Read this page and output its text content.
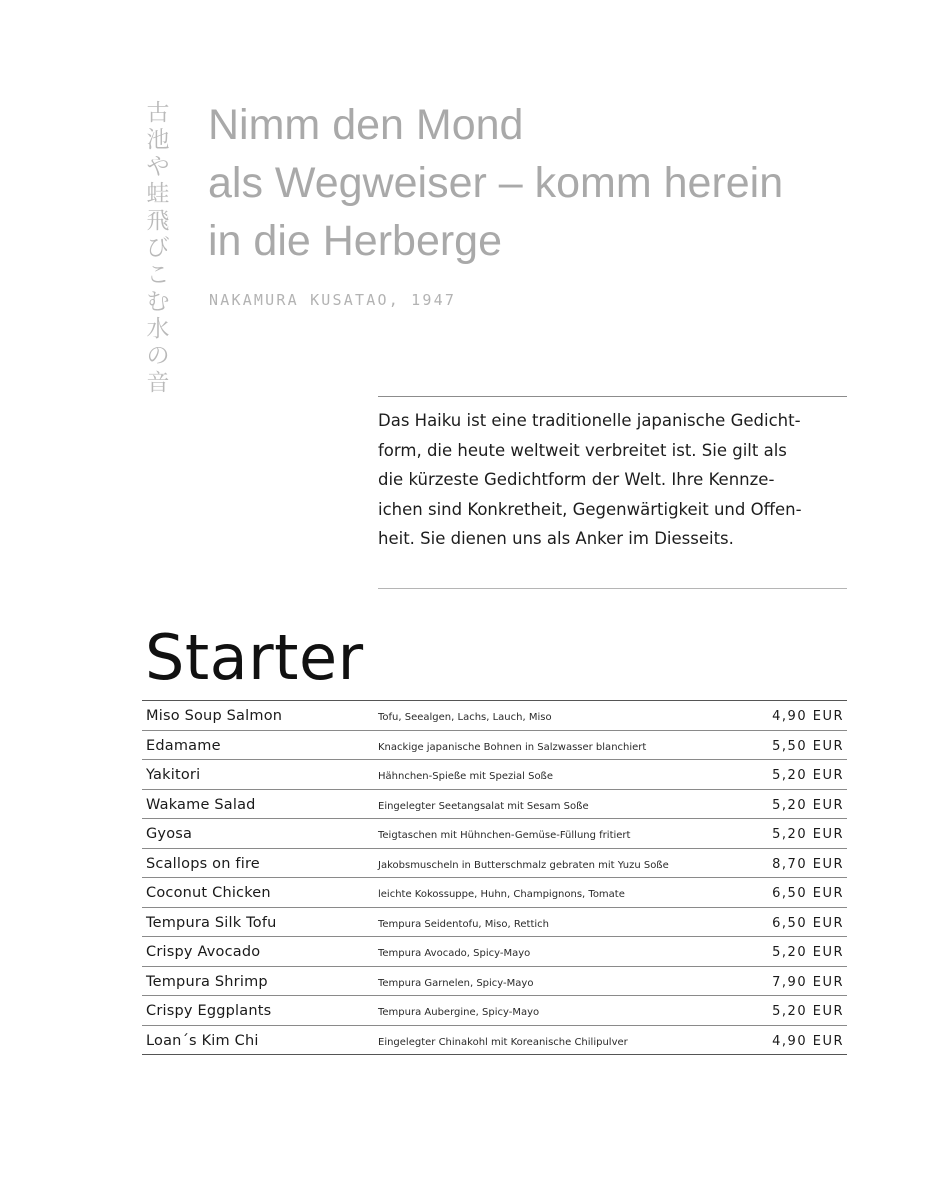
古池や蛙飛びこむ水の音
Nimm den Mond
als Wegweiser – komm herein
in die Herberge
NAKAMURA KUSATAO, 1947

Das Haiku ist eine traditionelle japanische Gedicht-
form, die heute weltweit verbreitet ist. Sie gilt als
die kürzeste Gedichtform der Welt. Ihre Kennze-
ichen sind Konkretheit, Gegenwärtigkeit und Offen-
heit. Sie dienen uns als Anker im Diesseits.

Starter
Miso Soup Salmon	Tofu, Seealgen, Lachs, Lauch, Miso	4,90 EUR
Edamame	Knackige japanische Bohnen in Salzwasser blanchiert	5,50 EUR
Yakitori	Hähnchen-Spieße mit Spezial Soße	5,20 EUR
Wakame Salad	Eingelegter Seetangsalat mit Sesam Soße	5,20 EUR
Gyosa	Teigtaschen mit Hühnchen-Gemüse-Füllung fritiert	5,20 EUR
Scallops on fire	Jakobsmuscheln in Butterschmalz gebraten mit Yuzu Soße	8,70 EUR
Coconut Chicken	leichte Kokossuppe, Huhn, Champignons, Tomate	6,50 EUR
Tempura Silk Tofu	Tempura Seidentofu, Miso, Rettich	6,50 EUR
Crispy Avocado	Tempura Avocado, Spicy-Mayo	5,20 EUR
Tempura Shrimp	Tempura Garnelen, Spicy-Mayo	7,90 EUR
Crispy Eggplants	Tempura Aubergine, Spicy-Mayo	5,20 EUR
Loan´s Kim Chi	Eingelegter Chinakohl mit Koreanische Chilipulver	4,90 EUR
